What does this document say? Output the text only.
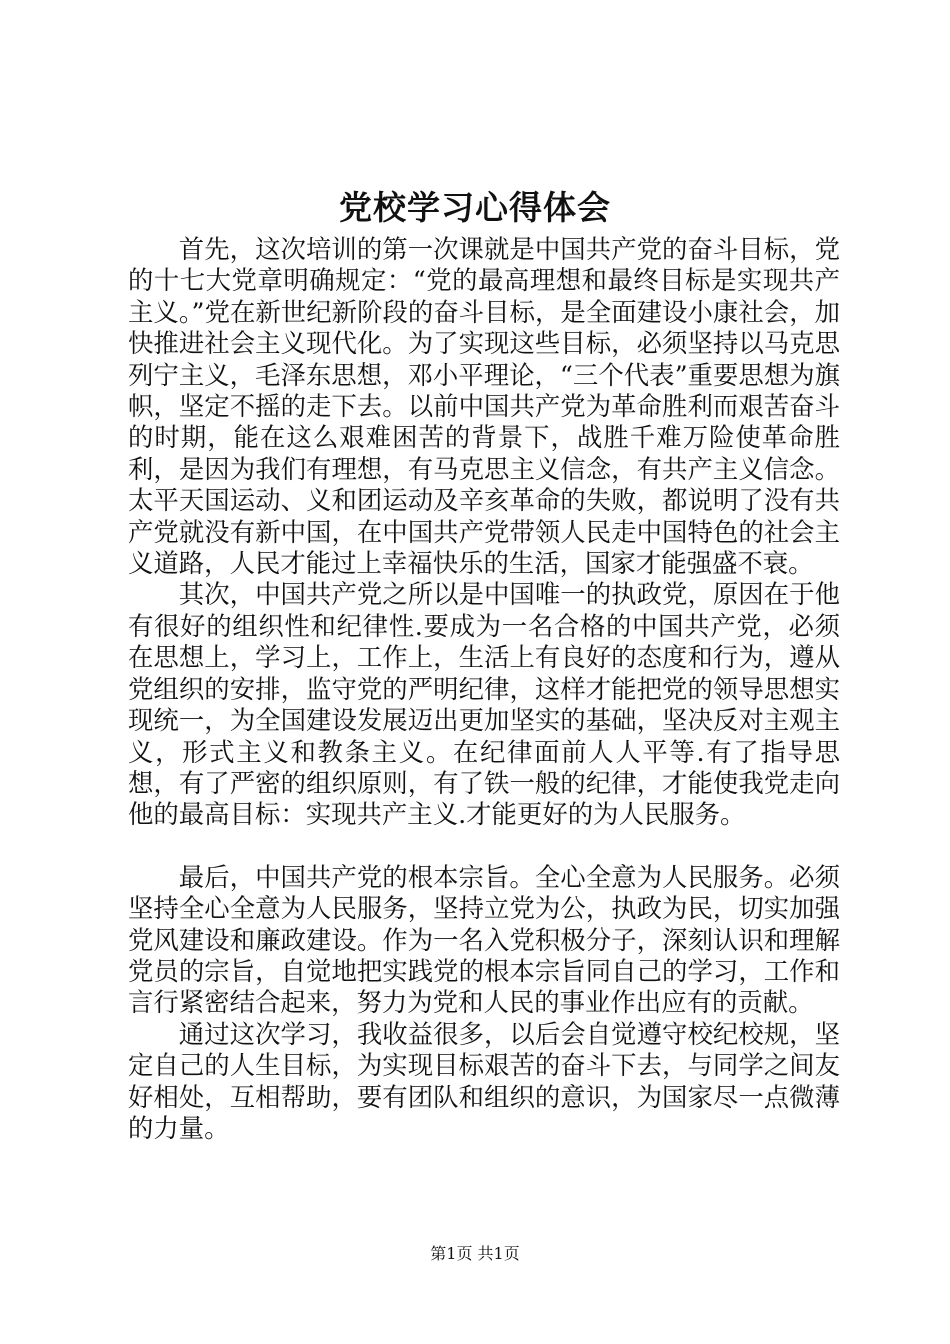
党校学习心得体会

首先，这次培训的第一次课就是中国共产党的奋斗目标，党的十七大党章明确规定：“党的最高理想和最终目标是实现共产主义。”党在新世纪新阶段的奋斗目标，是全面建设小康社会，加快推进社会主义现代化。为了实现这些目标，必须坚持以马克思列宁主义，毛泽东思想，邓小平理论，“三个代表”重要思想为旗帜，坚定不摇的走下去。以前中国共产党为革命胜利而艰苦奋斗的时期，能在这么艰难困苦的背景下，战胜千难万险使革命胜利，是因为我们有理想，有马克思主义信念，有共产主义信念。太平天国运动、义和团运动及辛亥革命的失败，都说明了没有共产党就没有新中国，在中国共产党带领人民走中国特色的社会主义道路，人民才能过上幸福快乐的生活，国家才能强盛不衰。

其次，中国共产党之所以是中国唯一的执政党，原因在于他有很好的组织性和纪律性.要成为一名合格的中国共产党，必须在思想上，学习上，工作上，生活上有良好的态度和行为，遵从党组织的安排，监守党的严明纪律，这样才能把党的领导思想实现统一，为全国建设发展迈出更加坚实的基础，坚决反对主观主义，形式主义和教条主义。在纪律面前人人平等.有了指导思想，有了严密的组织原则，有了铁一般的纪律，才能使我党走向他的最高目标：实现共产主义.才能更好的为人民服务。

最后，中国共产党的根本宗旨。全心全意为人民服务。必须坚持全心全意为人民服务，坚持立党为公，执政为民，切实加强党风建设和廉政建设。作为一名入党积极分子，深刻认识和理解党员的宗旨，自觉地把实践党的根本宗旨同自己的学习，工作和言行紧密结合起来，努力为党和人民的事业作出应有的贡献。

通过这次学习，我收益很多，以后会自觉遵守校纪校规，坚定自己的人生目标，为实现目标艰苦的奋斗下去，与同学之间友好相处，互相帮助，要有团队和组织的意识，为国家尽一点微薄的力量。

第1页 共1页
